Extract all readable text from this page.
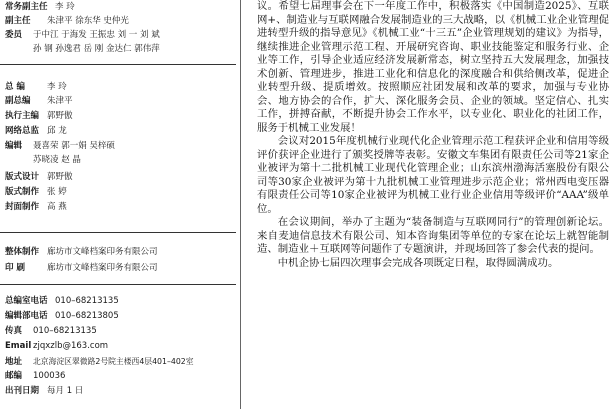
常务副主任 李 玲
副主任 朱津平 徐东华 史仲光
委员 于中江 于海发 王振忠 刘 一 刘 斌
孙 钢 孙逸君 岳 刚 金达仁 郭伟萍
总 编	李 玲
副总编 朱津平
执行主编 郭野傲
网络总监 邱 龙
编辑 聂喜荣 郭一娟 吴梓硕
苏晓凌 赵 晶
版式设计 郭野傲
版式制作 张 婷
封面制作 高 燕
整体制作 廊坊市文峰档案印务有限公司
印 刷	廊坊市文峰档案印务有限公司
总编室电话 010–68213135
编辑部电话 010–68213805
传真 010–68213135
Email zjqxzlb@163.com
地址 北京海淀区翠微路2号院主楼西4层401–402室
邮编 100036
出刊日期 每月 1 日

议。希望七届理事会在下一年度工作中，积极落实《中国制造2025》、互联网+、制造业与互联网融合发展制造业的三大战略，以《机械工业企业管理促进转型升级的指导意见》《机械工业“十三五”企业管理规划的建议》为指导，继续推进企业管理示范工程、开展研究咨询、职业技能鉴定和服务行业、企业等工作，引导企业适应经济发展新常态，树立坚持五大发展理念，加强技术创新、管理进步，推进工业化和信息化的深度融合和供给侧改革，促进企业转型升级、提质增效。按照顺应社团发展和改革的要求，加强与专业协会、地方协会的合作，扩大、深化服务会员、企业的领域。坚定信心、扎实工作，拼搏奋献，不断提升协会工作水平，以专业化、职业化的社团工作，服务于机械工业发展！

会议对2015年度机械行业现代化企业管理示范工程获评企业和信用等级评价获评企业进行了颁奖授牌等表彰。安徽文车集团有限责任公司等21家企业被评为第十二批机械工业现代化管理企业；山东滨州渤海活塞股份有限公司等30家企业被评为第十九批机械工业管理进步示范企业；常州西电变压器有限责任公司等10家企业被评为机械工业行业企业信用等级评价“AAA”级单位。

在会议期间，举办了主题为“装备制造与互联网同行”的管理创新论坛。来自麦迪信息技术有限公司、知本咨询集团等单位的专家在论坛上就智能制造、制造业＋互联网等问题作了专题演讲，并现场回答了参会代表的提问。

中机企协七届四次理事会完成各项既定日程，取得圆满成功。
